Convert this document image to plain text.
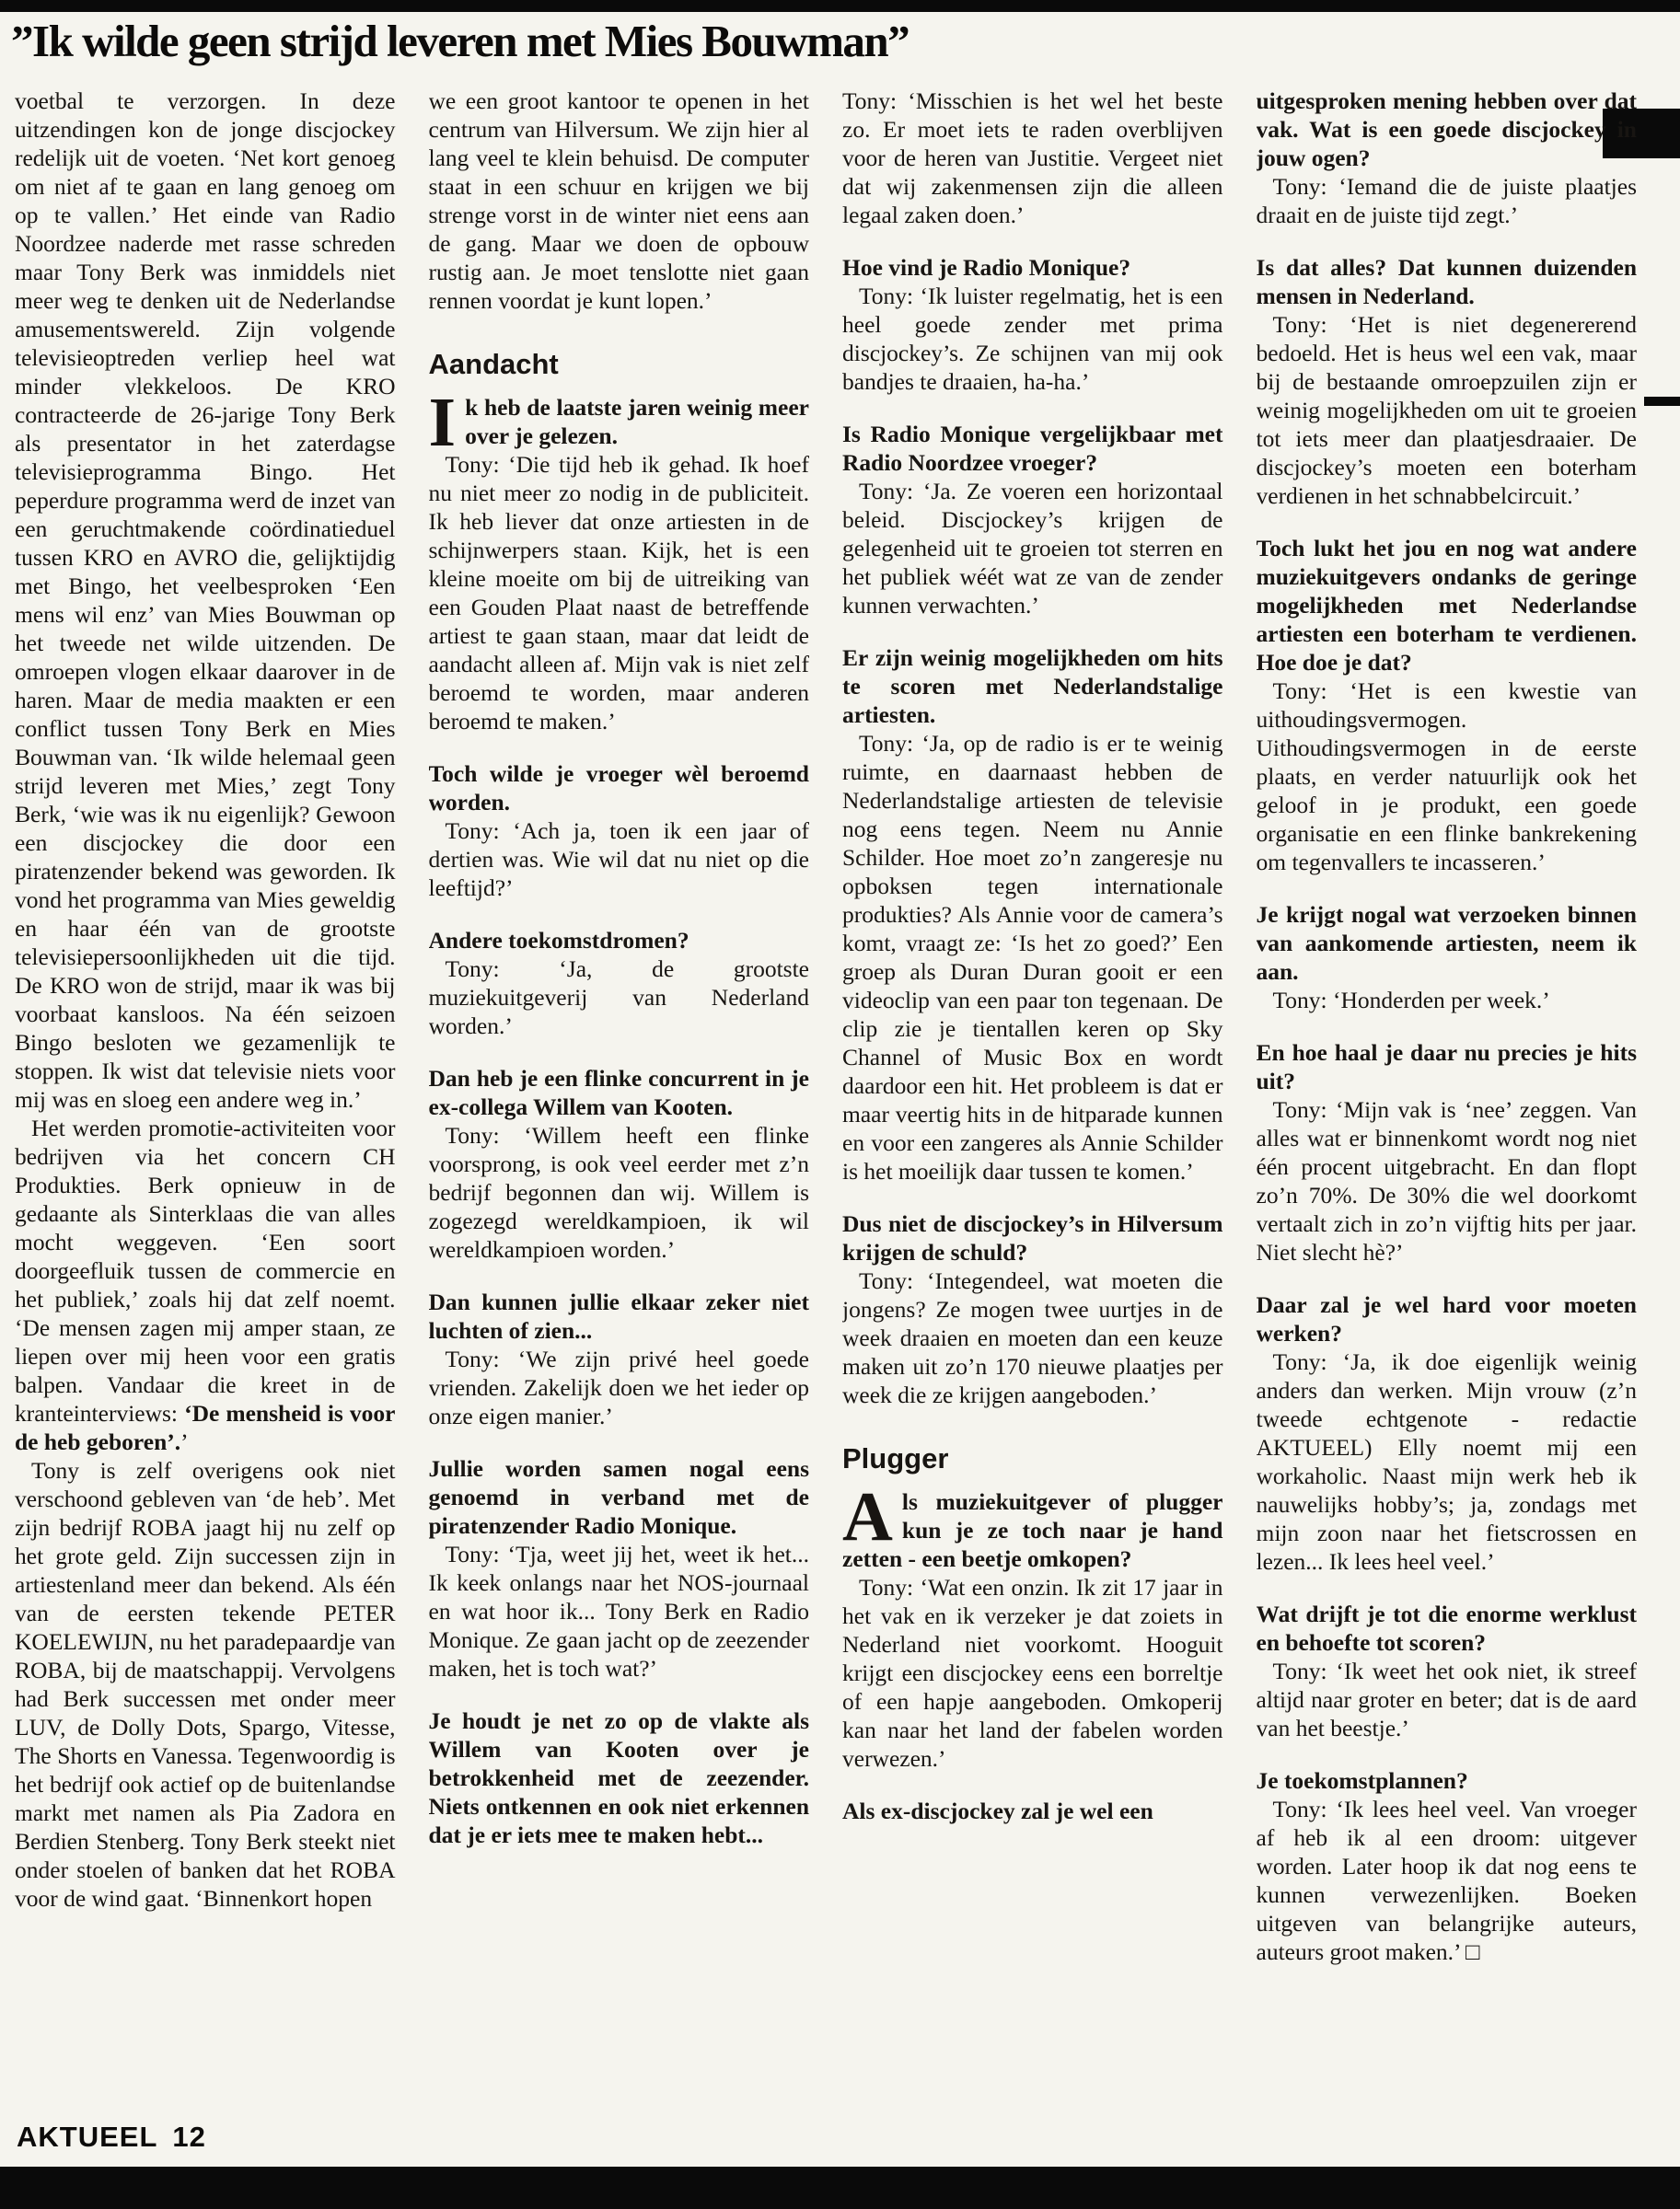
”Ik wilde geen strijd leveren met Mies Bouwman”

voetbal te verzorgen. In deze uitzendingen kon de jonge discjockey redelijk uit de voeten. ‘Net kort genoeg om niet af te gaan en lang genoeg om op te vallen.’ Het einde van Radio Noordzee naderde met rasse schreden maar Tony Berk was inmiddels niet meer weg te denken uit de Nederlandse amusementswereld. Zijn volgende televisieoptreden verliep heel wat minder vlekkeloos. De KRO contracteerde de 26-jarige Tony Berk als presentator in het zaterdagse televisieprogramma Bingo. Het peperdure programma werd de inzet van een geruchtmakende coördinatieduel tussen KRO en AVRO die, gelijktijdig met Bingo, het veelbesproken ‘Een mens wil enz’ van Mies Bouwman op het tweede net wilde uitzenden. De omroepen vlogen elkaar daarover in de haren. Maar de media maakten er een conflict tussen Tony Berk en Mies Bouwman van. ‘Ik wilde helemaal geen strijd leveren met Mies,’ zegt Tony Berk, ‘wie was ik nu eigenlijk? Gewoon een discjockey die door een piratenzender bekend was geworden. Ik vond het programma van Mies geweldig en haar één van de grootste televisiepersoonlijkheden uit die tijd. De KRO won de strijd, maar ik was bij voorbaat kansloos. Na één seizoen Bingo besloten we gezamenlijk te stoppen. Ik wist dat televisie niets voor mij was en sloeg een andere weg in.’

Het werden promotie-activiteiten voor bedrijven via het concern CH Produkties. Berk opnieuw in de gedaante als Sinterklaas die van alles mocht weggeven. ‘Een soort doorgeefluik tussen de commercie en het publiek,’ zoals hij dat zelf noemt. ‘De mensen zagen mij amper staan, ze liepen over mij heen voor een gratis balpen. Vandaar die kreet in de kranteinterviews: ‘De mensheid is voor de heb geboren’.’

Tony is zelf overigens ook niet verschoond gebleven van ‘de heb’. Met zijn bedrijf ROBA jaagt hij nu zelf op het grote geld. Zijn successen zijn in artiestenland meer dan bekend. Als één van de eersten tekende PETER KOELEWIJN, nu het paradepaardje van ROBA, bij de maatschappij. Vervolgens had Berk successen met onder meer LUV, de Dolly Dots, Spargo, Vitesse, The Shorts en Vanessa. Tegenwoordig is het bedrijf ook actief op de buitenlandse markt met namen als Pia Zadora en Berdien Stenberg. Tony Berk steekt niet onder stoelen of banken dat het ROBA voor de wind gaat. ‘Binnenkort hopen

we een groot kantoor te openen in het centrum van Hilversum. We zijn hier al lang veel te klein behuisd. De computer staat in een schuur en krijgen we bij strenge vorst in de winter niet eens aan de gang. Maar we doen de opbouw rustig aan. Je moet tenslotte niet gaan rennen voordat je kunt lopen.’

Aandacht

Ik heb de laatste jaren weinig meer over je gelezen.

Tony: ‘Die tijd heb ik gehad. Ik hoef nu niet meer zo nodig in de publiciteit. Ik heb liever dat onze artiesten in de schijnwerpers staan. Kijk, het is een kleine moeite om bij de uitreiking van een Gouden Plaat naast de betreffende artiest te gaan staan, maar dat leidt de aandacht alleen af. Mijn vak is niet zelf beroemd te worden, maar anderen beroemd te maken.’

Toch wilde je vroeger wèl beroemd worden.

Tony: ‘Ach ja, toen ik een jaar of dertien was. Wie wil dat nu niet op die leeftijd?’

Andere toekomstdromen?

Tony: ‘Ja, de grootste muziekuitgeverij van Nederland worden.’

Dan heb je een flinke concurrent in je ex-collega Willem van Kooten.

Tony: ‘Willem heeft een flinke voorsprong, is ook veel eerder met z’n bedrijf begonnen dan wij. Willem is zogezegd wereldkampioen, ik wil wereldkampioen worden.’

Dan kunnen jullie elkaar zeker niet luchten of zien...

Tony: ‘We zijn privé heel goede vrienden. Zakelijk doen we het ieder op onze eigen manier.’

Jullie worden samen nogal eens genoemd in verband met de piratenzender Radio Monique.

Tony: ‘Tja, weet jij het, weet ik het... Ik keek onlangs naar het NOS-journaal en wat hoor ik... Tony Berk en Radio Monique. Ze gaan jacht op de zeezender maken, het is toch wat?’

Je houdt je net zo op de vlakte als Willem van Kooten over je betrokkenheid met de zeezender. Niets ontkennen en ook niet erkennen dat je er iets mee te maken hebt...

Tony: ‘Misschien is het wel het beste zo. Er moet iets te raden overblijven voor de heren van Justitie. Vergeet niet dat wij zakenmensen zijn die alleen legaal zaken doen.’

Hoe vind je Radio Monique?

Tony: ‘Ik luister regelmatig, het is een heel goede zender met prima discjockey’s. Ze schijnen van mij ook bandjes te draaien, ha-ha.’

Is Radio Monique vergelijkbaar met Radio Noordzee vroeger?

Tony: ‘Ja. Ze voeren een horizontaal beleid. Discjockey’s krijgen de gelegenheid uit te groeien tot sterren en het publiek wéét wat ze van de zender kunnen verwachten.’

Er zijn weinig mogelijkheden om hits te scoren met Nederlandstalige artiesten.

Tony: ‘Ja, op de radio is er te weinig ruimte, en daarnaast hebben de Nederlandstalige artiesten de televisie nog eens tegen. Neem nu Annie Schilder. Hoe moet zo’n zangeresje nu opboksen tegen internationale produkties? Als Annie voor de camera’s komt, vraagt ze: ‘Is het zo goed?’ Een groep als Duran Duran gooit er een videoclip van een paar ton tegenaan. De clip zie je tientallen keren op Sky Channel of Music Box en wordt daardoor een hit. Het probleem is dat er maar veertig hits in de hitparade kunnen en voor een zangeres als Annie Schilder is het moeilijk daar tussen te komen.’

Dus niet de discjockey’s in Hilversum krijgen de schuld?

Tony: ‘Integendeel, wat moeten die jongens? Ze mogen twee uurtjes in de week draaien en moeten dan een keuze maken uit zo’n 170 nieuwe plaatjes per week die ze krijgen aangeboden.’

Plugger

Als muziekuitgever of plugger kun je ze toch naar je hand zetten - een beetje omkopen?

Tony: ‘Wat een onzin. Ik zit 17 jaar in het vak en ik verzeker je dat zoiets in Nederland niet voorkomt. Hooguit krijgt een discjockey eens een borreltje of een hapje aangeboden. Omkoperij kan naar het land der fabelen worden verwezen.’

Als ex-discjockey zal je wel een

uitgesproken mening hebben over dat vak. Wat is een goede discjockey in jouw ogen?

Tony: ‘Iemand die de juiste plaatjes draait en de juiste tijd zegt.’

Is dat alles? Dat kunnen duizenden mensen in Nederland.

Tony: ‘Het is niet degenererend bedoeld. Het is heus wel een vak, maar bij de bestaande omroepzuilen zijn er weinig mogelijkheden om uit te groeien tot iets meer dan plaatjesdraaier. De discjockey’s moeten een boterham verdienen in het schnabbelcircuit.’

Toch lukt het jou en nog wat andere muziekuitgevers ondanks de geringe mogelijkheden met Nederlandse artiesten een boterham te verdienen. Hoe doe je dat?

Tony: ‘Het is een kwestie van uithoudingsvermogen. Uithoudingsvermogen in de eerste plaats, en verder natuurlijk ook het geloof in je produkt, een goede organisatie en een flinke bankrekening om tegenvallers te incasseren.’

Je krijgt nogal wat verzoeken binnen van aankomende artiesten, neem ik aan.

Tony: ‘Honderden per week.’

En hoe haal je daar nu precies je hits uit?

Tony: ‘Mijn vak is ‘nee’ zeggen. Van alles wat er binnenkomt wordt nog niet één procent uitgebracht. En dan flopt zo’n 70%. De 30% die wel doorkomt vertaalt zich in zo’n vijftig hits per jaar. Niet slecht hè?’

Daar zal je wel hard voor moeten werken?

Tony: ‘Ja, ik doe eigenlijk weinig anders dan werken. Mijn vrouw (z’n tweede echtgenote - redactie AKTUEEL) Elly noemt mij een workaholic. Naast mijn werk heb ik nauwelijks hobby’s; ja, zondags met mijn zoon naar het fietscrossen en lezen... Ik lees heel veel.’

Wat drijft je tot die enorme werklust en behoefte tot scoren?

Tony: ‘Ik weet het ook niet, ik streef altijd naar groter en beter; dat is de aard van het beestje.’

Je toekomstplannen?

Tony: ‘Ik lees heel veel. Van vroeger af heb ik al een droom: uitgever worden. Later hoop ik dat nog eens te kunnen verwezenlijken. Boeken uitgeven van belangrijke auteurs, auteurs groot maken.’ □

AKTUEEL 12
